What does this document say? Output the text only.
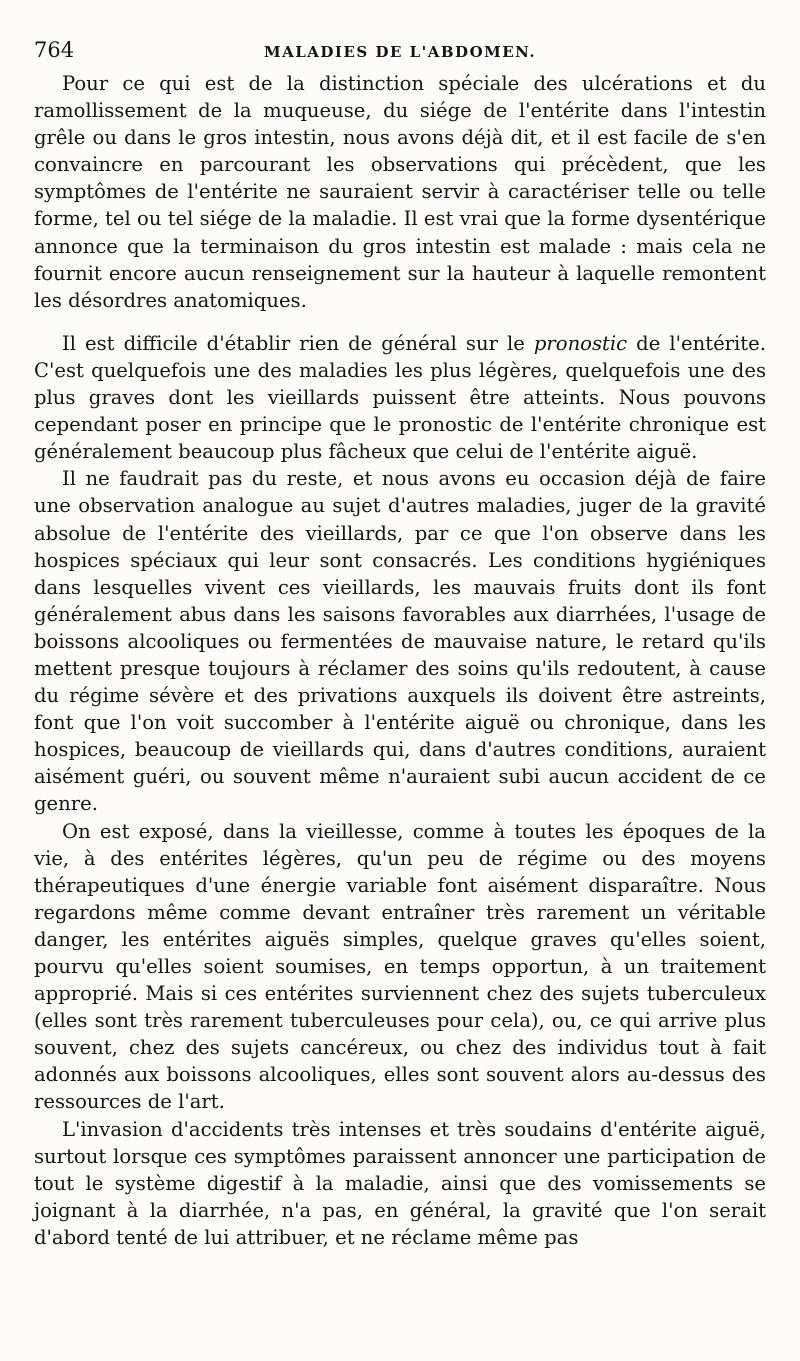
764	MALADIES DE L'ABDOMEN.

Pour ce qui est de la distinction spéciale des ulcérations et du ramollissement de la muqueuse, du siége de l'entérite dans l'intestin grêle ou dans le gros intestin, nous avons déjà dit, et il est facile de s'en convaincre en parcourant les observations qui précèdent, que les symptômes de l'entérite ne sauraient servir à caractériser telle ou telle forme, tel ou tel siége de la maladie. Il est vrai que la forme dysentérique annonce que la terminaison du gros intestin est malade : mais cela ne fournit encore aucun renseignement sur la hauteur à laquelle remontent les désordres anatomiques.

Il est difficile d'établir rien de général sur le pronostic de l'entérite. C'est quelquefois une des maladies les plus légères, quelquefois une des plus graves dont les vieillards puissent être atteints. Nous pouvons cependant poser en principe que le pronostic de l'entérite chronique est généralement beaucoup plus fâcheux que celui de l'entérite aiguë.

Il ne faudrait pas du reste, et nous avons eu occasion déjà de faire une observation analogue au sujet d'autres maladies, juger de la gravité absolue de l'entérite des vieillards, par ce que l'on observe dans les hospices spéciaux qui leur sont consacrés. Les conditions hygiéniques dans lesquelles vivent ces vieillards, les mauvais fruits dont ils font généralement abus dans les saisons favorables aux diarrhées, l'usage de boissons alcooliques ou fermentées de mauvaise nature, le retard qu'ils mettent presque toujours à réclamer des soins qu'ils redoutent, à cause du régime sévère et des privations auxquels ils doivent être astreints, font que l'on voit succomber à l'entérite aiguë ou chronique, dans les hospices, beaucoup de vieillards qui, dans d'autres conditions, auraient aisément guéri, ou souvent même n'auraient subi aucun accident de ce genre.

On est exposé, dans la vieillesse, comme à toutes les époques de la vie, à des entérites légères, qu'un peu de régime ou des moyens thérapeutiques d'une énergie variable font aisément disparaître. Nous regardons même comme devant entraîner très rarement un véritable danger, les entérites aiguës simples, quelque graves qu'elles soient, pourvu qu'elles soient soumises, en temps opportun, à un traitement approprié. Mais si ces entérites surviennent chez des sujets tuberculeux (elles sont très rarement tuberculeuses pour cela), ou, ce qui arrive plus souvent, chez des sujets cancéreux, ou chez des individus tout à fait adonnés aux boissons alcooliques, elles sont souvent alors au-dessus des ressources de l'art.

L'invasion d'accidents très intenses et très soudains d'entérite aiguë, surtout lorsque ces symptômes paraissent annoncer une participation de tout le système digestif à la maladie, ainsi que des vomissements se joignant à la diarrhée, n'a pas, en général, la gravité que l'on serait d'abord tenté de lui attribuer, et ne réclame même pas
